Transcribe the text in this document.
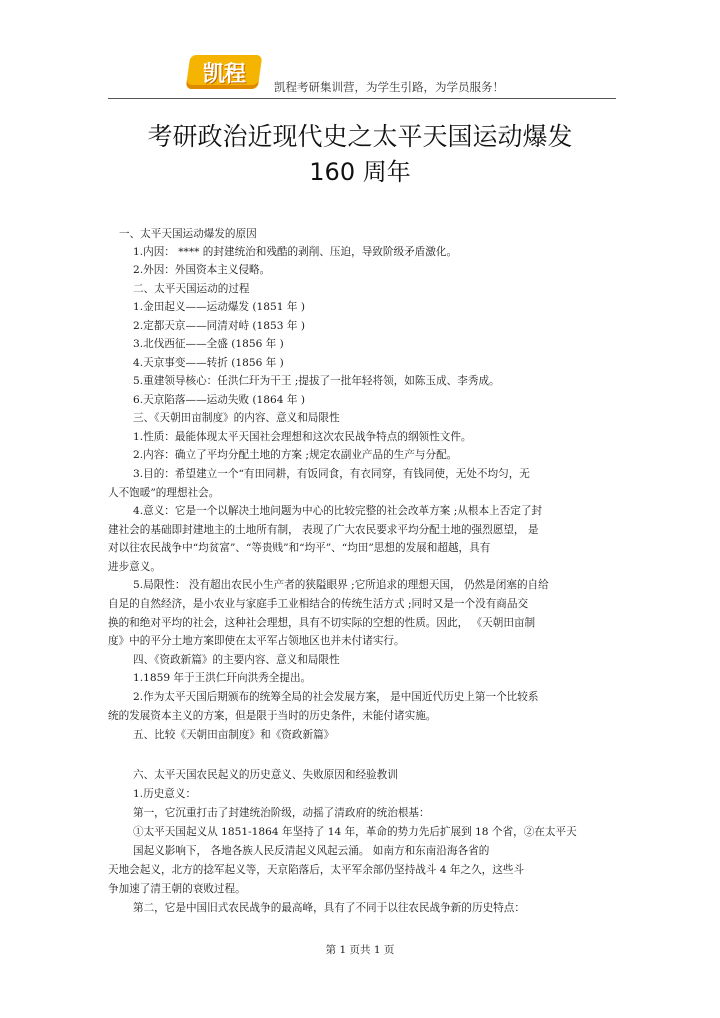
凯程
凯程考研集训营，为学生引路，为学员服务！
考研政治近现代史之太平天国运动爆发
160 周年
一、太平天国运动爆发的原因
1.内因： **** 的封建统治和残酷的剥削、压迫，导致阶级矛盾激化。
2.外因：外国资本主义侵略。
二、太平天国运动的过程
1.金田起义——运动爆发 (1851 年 )
2.定都天京——同清对峙 (1853 年 )
3.北伐西征——全盛 (1856 年 )
4.天京事变——转折 (1856 年 )
5.重建领导核心：任洪仁玕为干王 ;提拔了一批年轻将领，如陈玉成、李秀成。
6.天京陷落——运动失败 (1864 年 )
三、《天朝田亩制度》的内容、意义和局限性
1.性质：最能体现太平天国社会理想和这次农民战争特点的纲领性文件。
2.内容：确立了平均分配土地的方案 ;规定农副业产品的生产与分配。
3.目的：希望建立一个“有田同耕，有饭同食，有衣同穿，有钱同使，无处不均匀，无
人不饱暖”的理想社会。
4.意义：它是一个以解决土地问题为中心的比较完整的社会改革方案 ;从根本上否定了封
建社会的基础即封建地主的土地所有制， 表现了广大农民要求平均分配土地的强烈愿望， 是
对以往农民战争中“均贫富”、“等贵贱”和“均平”、“均田”思想的发展和超越，具有
进步意义。
5.局限性： 没有超出农民小生产者的狭隘眼界 ;它所追求的理想天国， 仍然是闭塞的自给
自足的自然经济，是小农业与家庭手工业相结合的传统生活方式 ;同时又是一个没有商品交
换的和绝对平均的社会，这种社会理想，具有不切实际的空想的性质。因此， 《天朝田亩制
度》中的平分土地方案即使在太平军占领地区也并未付诸实行。
四、《资政新篇》的主要内容、意义和局限性
1.1859 年于王洪仁玕向洪秀全提出。
2.作为太平天国后期颁布的统筹全局的社会发展方案， 是中国近代历史上第一个比较系
统的发展资本主义的方案，但是限于当时的历史条件，未能付诸实施。
五、比较《天朝田亩制度》和《资政新篇》
六、太平天国农民起义的历史意义、失败原因和经验教训
1.历史意义：
第一，它沉重打击了封建统治阶级，动摇了清政府的统治根基：
①太平天国起义从 1851-1864 年坚持了 14 年，革命的势力先后扩展到 18 个省，②在太平天
国起义影响下， 各地各族人民反清起义风起云涌。 如南方和东南沿海各省的
天地会起义，北方的捻军起义等，天京陷落后，太平军余部仍坚持战斗 4 年之久，这些斗
争加速了清王朝的衰败过程。
第二，它是中国旧式农民战争的最高峰，具有了不同于以往农民战争新的历史特点：
第 1 页共 1 页
